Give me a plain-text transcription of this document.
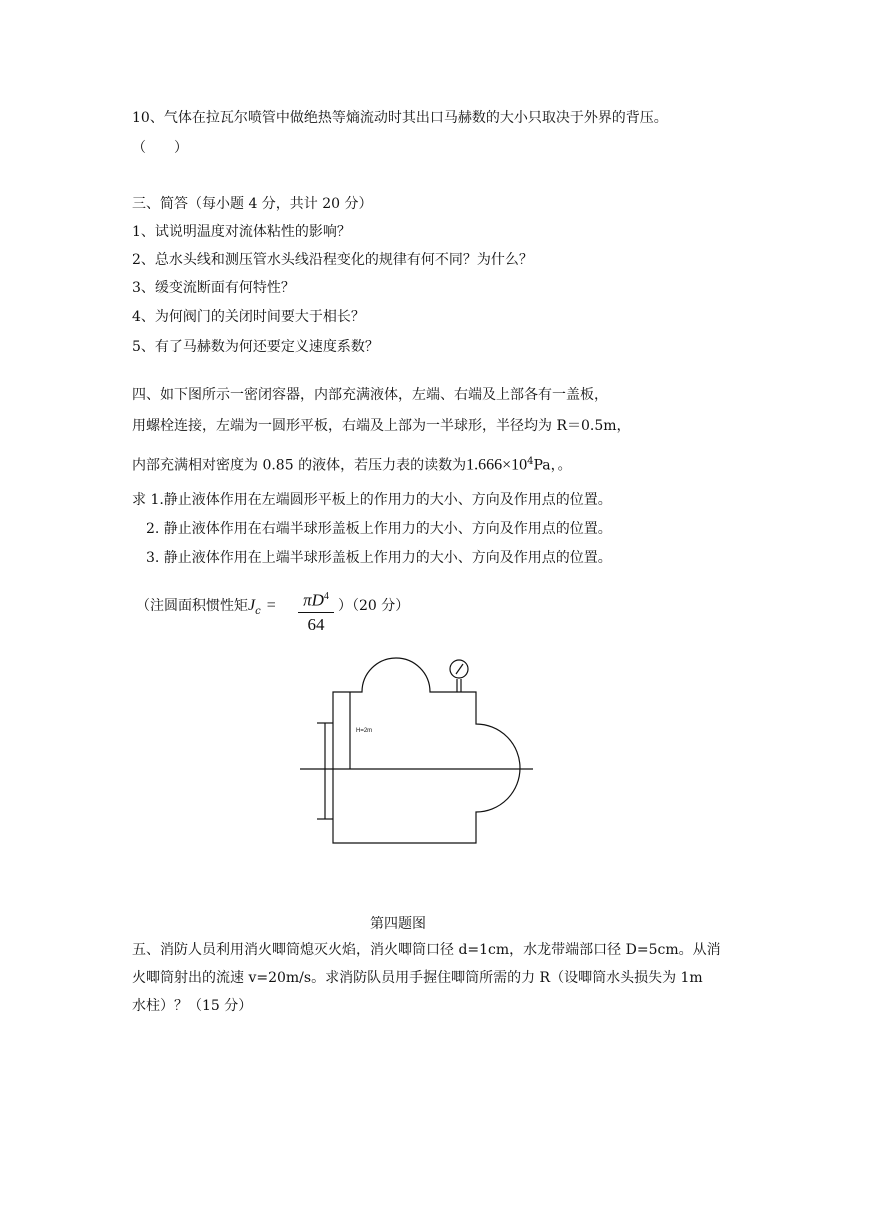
10、气体在拉瓦尔喷管中做绝热等熵流动时其出口马赫数的大小只取决于外界的背压。
（　　）
三、简答（每小题 4 分，共计 20 分）
1、试说明温度对流体粘性的影响？
2、总水头线和测压管水头线沿程变化的规律有何不同？为什么？
3、缓变流断面有何特性？
4、为何阀门的关闭时间要大于相长？
5、有了马赫数为何还要定义速度系数？
四、如下图所示一密闭容器，内部充满液体，左端、右端及上部各有一盖板，
用螺栓连接，左端为一圆形平板，右端及上部为一半球形，半径均为 R＝0.5m，
内部充满相对密度为 0.85 的液体，若压力表的读数为$1.666\times 10^4Pa$，。
求 1.静止液体作用在左端圆形平板上的作用力的大小、方向及作用点的位置。
2. 静止液体作用在右端半球形盖板上作用力的大小、方向及作用点的位置。
3. 静止液体作用在上端半球形盖板上作用力的大小、方向及作用点的位置。
（注圆面积惯性矩$J_c$ =	$\pi D^4$
64
）（20 分）
H=2m
第四题图
五、消防人员利用消火唧筒熄灭火焰，消火唧筒口径 d=1cm，水龙带端部口径 D=5cm。从消
火唧筒射出的流速 v=20m/s。求消防队员用手握住唧筒所需的力 R（设唧筒水头损失为 1m
水柱）？（15 分）
